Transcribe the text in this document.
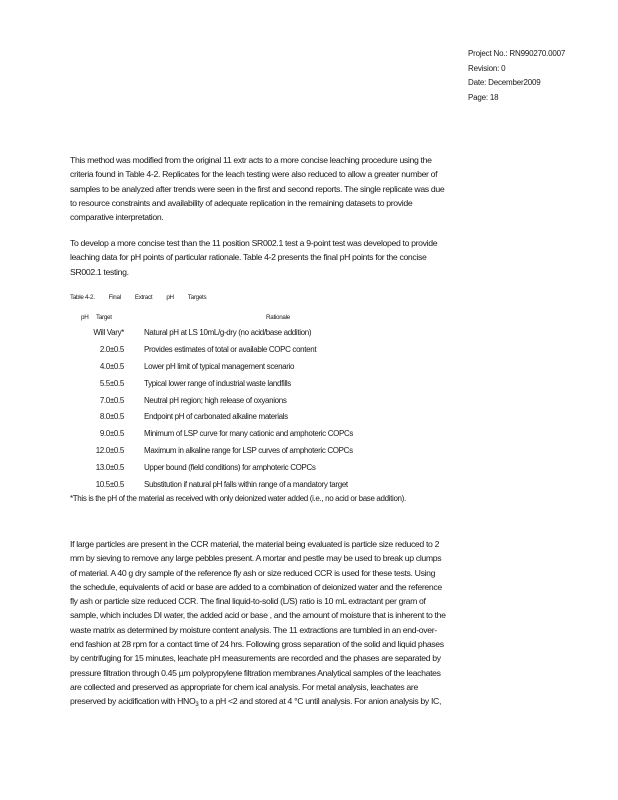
Project No.: RN990270.0007
Revision: 0
Date: December2009
Page: 18
This method was modified from the original 11 extr acts to a more concise leaching procedure using the
criteria found in Table 4-2. Replicates for the leach testing were also reduced to allow a greater number of
samples to be analyzed after trends were seen in the first and second reports. The single replicate was due
to resource constraints and availability of adequate replication in the remaining datasets to provide
comparative interpretation.
To develop a more concise test than the 11 position SR002.1 test a 9-point test was developed to provide
leaching data for pH points of particular rationale. Table 4-2 presents the final pH points for the concise
SR002.1 testing.
Table 4-2. Final Extract pH Targets
pH Target	Rationale
Will Vary*	Natural pH at LS 10mL/g-dry (no acid/base addition)
2.0±0.5	Provides estimates of total or available COPC content
4.0±0.5	Lower pH limit of typical management scenario
5.5±0.5	Typical lower range of industrial waste landfills
7.0±0.5	Neutral pH region; high release of oxyanions
8.0±0.5	Endpoint pH of carbonated alkaline materials
9.0±0.5	Minimum of LSP curve for many cationic and amphoteric COPCs
12.0±0.5	Maximum in alkaline range for LSP curves of amphoteric COPCs
13.0±0.5	Upper bound (field conditions) for amphoteric COPCs
10.5±0.5	Substitution if natural pH falls within range of a mandatory target
*This is the pH of the material as received with only deionized water added (i.e., no acid or base addition).
If large particles are present in the CCR material, the material being evaluated is particle size reduced to 2
mm by sieving to remove any large pebbles present. A mortar and pestle may be used to break up clumps
of material. A 40 g dry sample of the reference fly ash or size reduced CCR is used for these tests. Using
the schedule, equivalents of acid or base are added to a combination of deionized water and the reference
fly ash or particle size reduced CCR. The final liquid-to-solid (L/S) ratio is 10 mL extractant per gram of
sample, which includes DI water, the added acid or base , and the amount of moisture that is inherent to the
waste matrix as determined by moisture content analysis. The 11 extractions are tumbled in an end-over-
end fashion at 28 rpm for a contact time of 24 hrs. Following gross separation of the solid and liquid phases
by centrifuging for 15 minutes, leachate pH measurements are recorded and the phases are separated by
pressure filtration through 0.45 µm polypropylene filtration membranes Analytical samples of the leachates
are collected and preserved as appropriate for chem ical analysis. For metal analysis, leachates are
preserved by acidification with $HNO_3$ to a pH <2 and stored at 4 °C until analysis. For anion analysis by IC,
